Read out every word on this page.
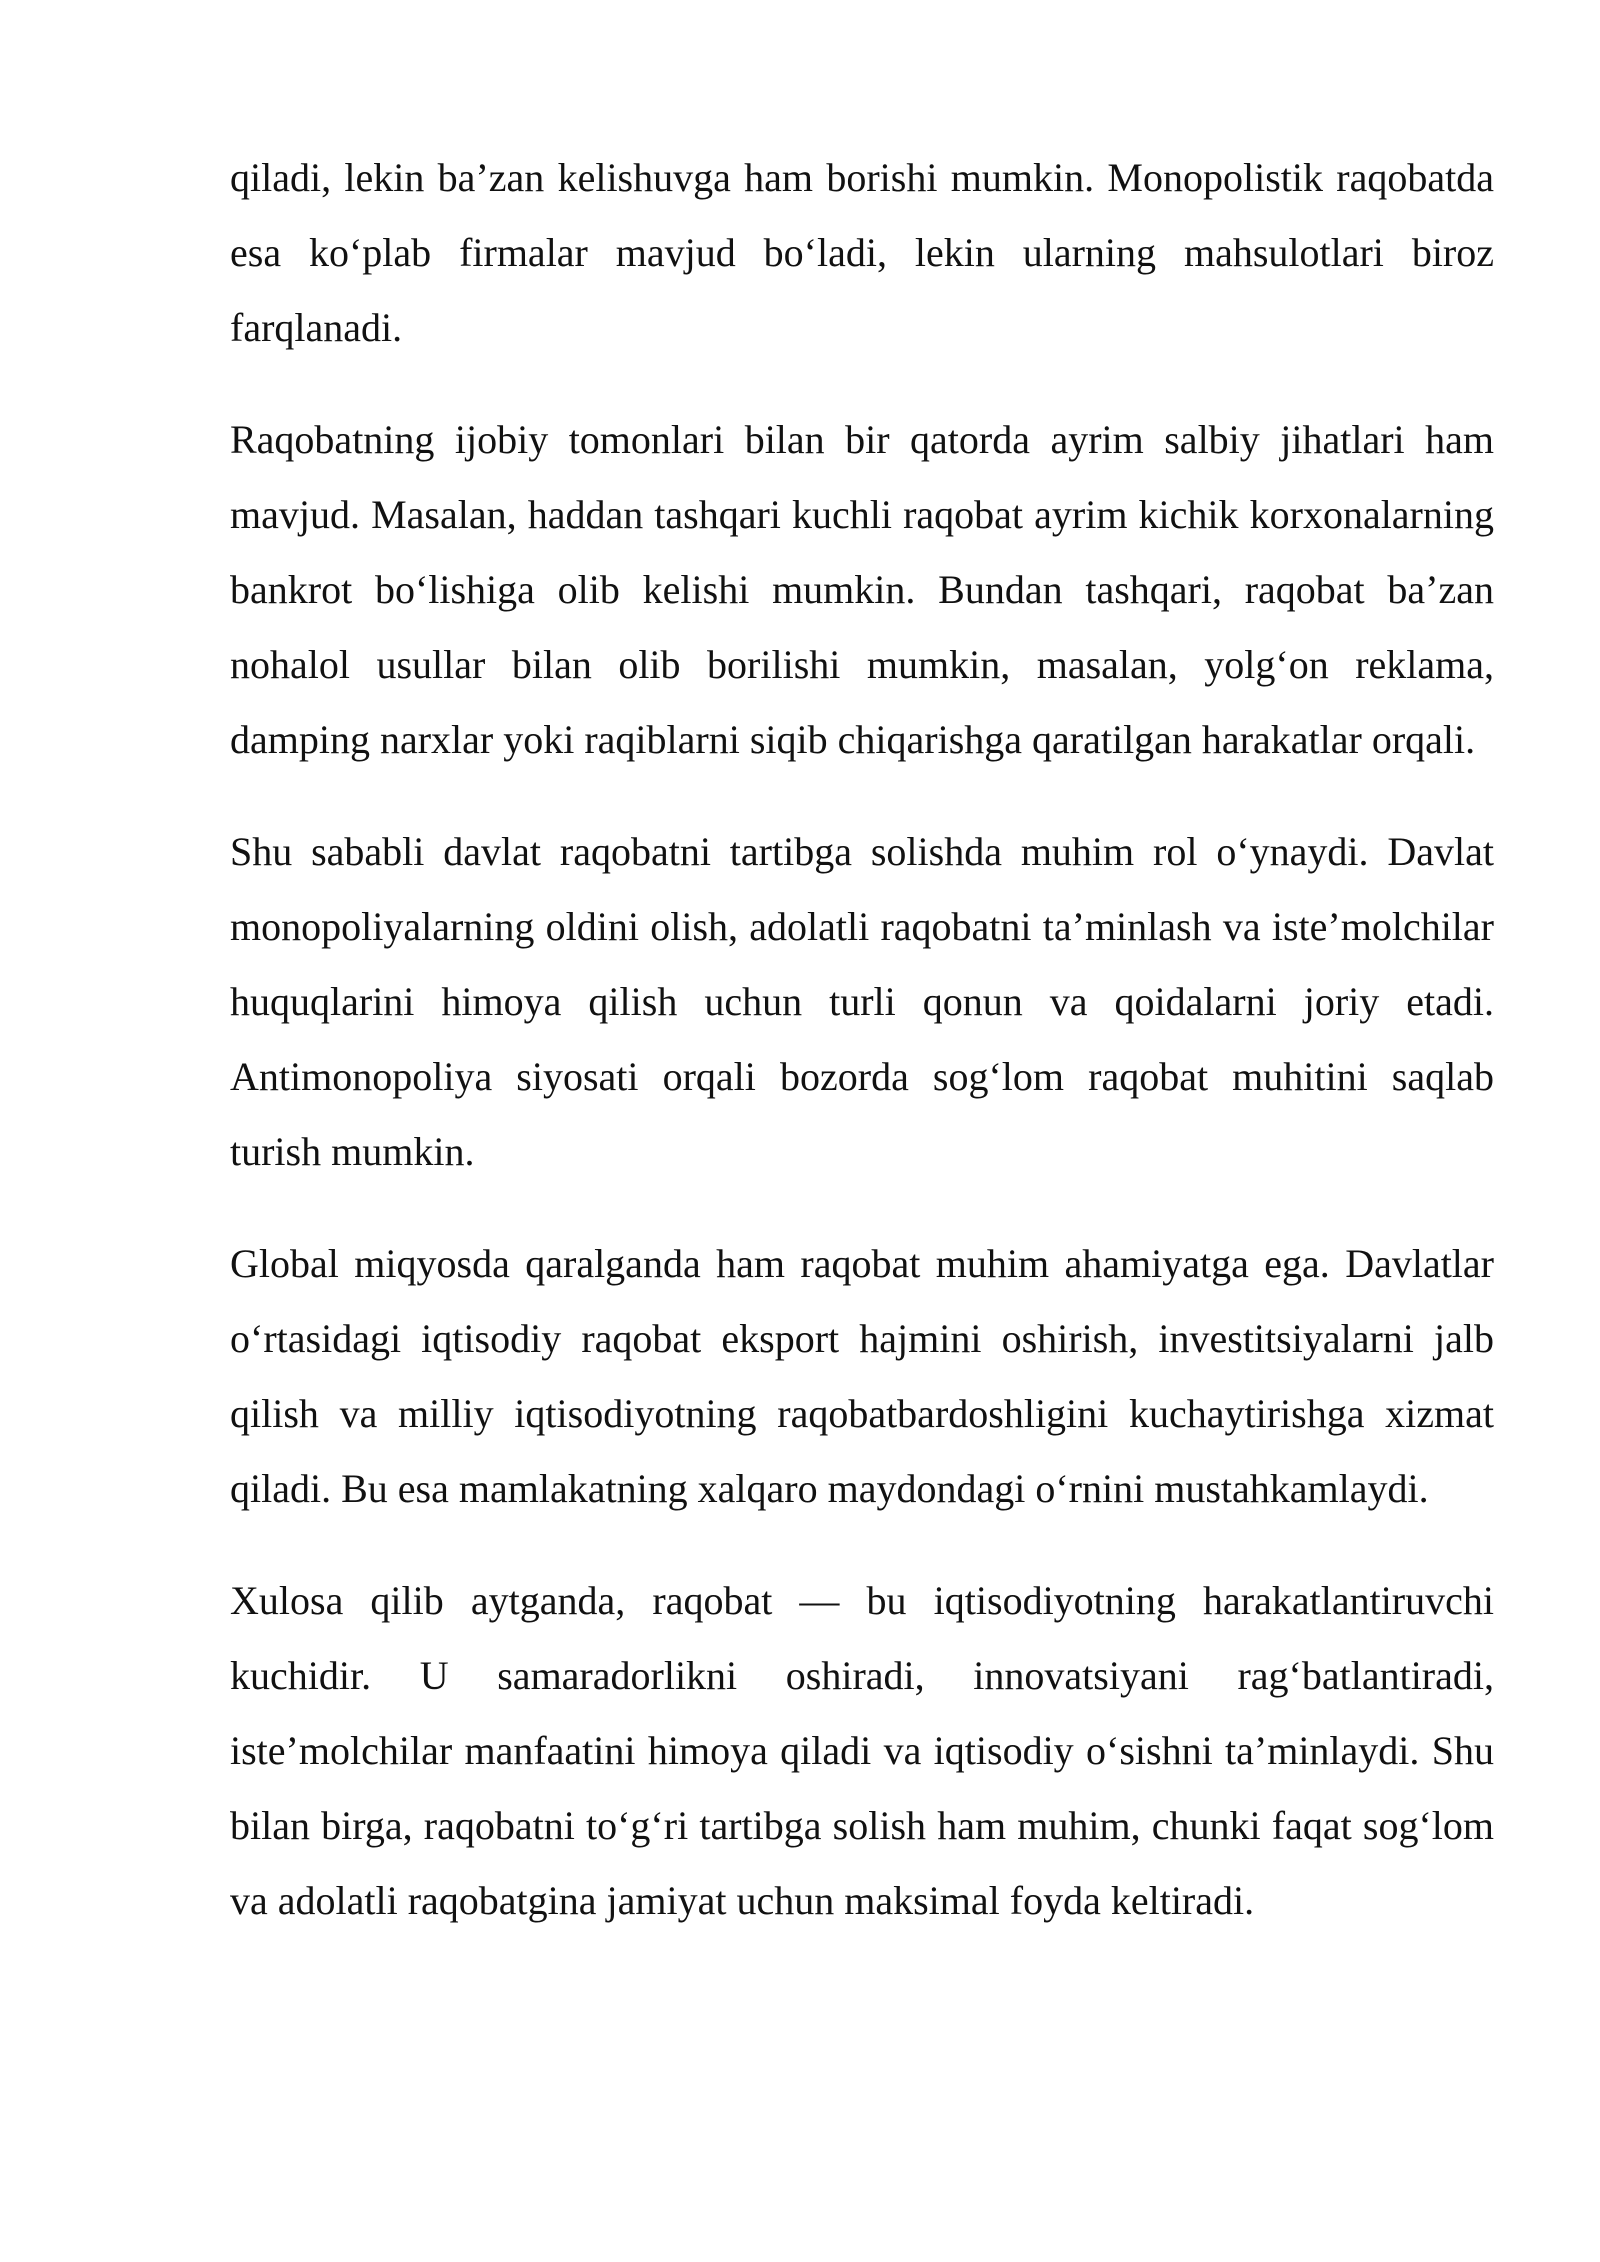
qiladi, lekin ba’zan kelishuvga ham borishi mumkin. Monopolistik raqobatda esa ko‘plab firmalar mavjud bo‘ladi, lekin ularning mahsulotlari biroz farqlanadi.

Raqobatning ijobiy tomonlari bilan bir qatorda ayrim salbiy jihatlari ham mavjud. Masalan, haddan tashqari kuchli raqobat ayrim kichik korxonalarning bankrot bo‘lishiga olib kelishi mumkin. Bundan tashqari, raqobat ba’zan nohalol usullar bilan olib borilishi mumkin, masalan, yolg‘on reklama, damping narxlar yoki raqiblarni siqib chiqarishga qaratilgan harakatlar orqali.

Shu sababli davlat raqobatni tartibga solishda muhim rol o‘ynaydi. Davlat monopoliyalarning oldini olish, adolatli raqobatni ta’minlash va iste’molchilar huquqlarini himoya qilish uchun turli qonun va qoidalarni joriy etadi. Antimonopoliya siyosati orqali bozorda sog‘lom raqobat muhitini saqlab turish mumkin.

Global miqyosda qaralganda ham raqobat muhim ahamiyatga ega. Davlatlar o‘rtasidagi iqtisodiy raqobat eksport hajmini oshirish, investitsiyalarni jalb qilish va milliy iqtisodiyotning raqobatbardoshligini kuchaytirishga xizmat qiladi. Bu esa mamlakatning xalqaro maydondagi o‘rnini mustahkamlaydi.

Xulosa qilib aytganda, raqobat — bu iqtisodiyotning harakatlantiruvchi kuchidir. U samaradorlikni oshiradi, innovatsiyani rag‘batlantiradi, iste’molchilar manfaatini himoya qiladi va iqtisodiy o‘sishni ta’minlaydi. Shu bilan birga, raqobatni to‘g‘ri tartibga solish ham muhim, chunki faqat sog‘lom va adolatli raqobatgina jamiyat uchun maksimal foyda keltiradi.
